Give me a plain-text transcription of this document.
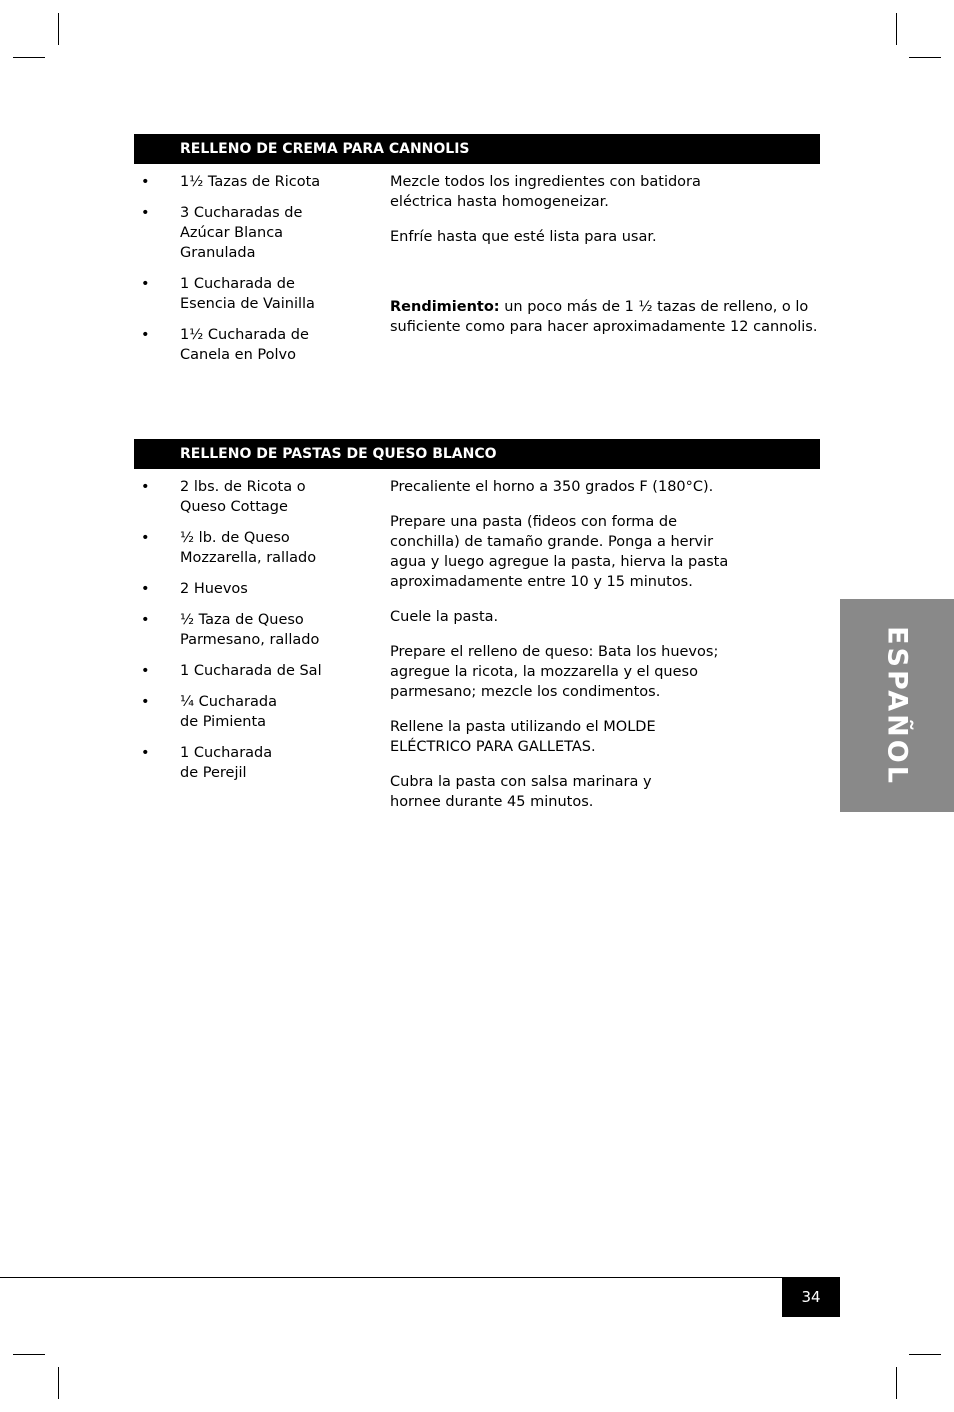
RELLENO DE CREMA PARA CANNOLIS
• 1½ Tazas de Ricota
• 3 Cucharadas de
Azúcar Blanca
Granulada
• 1 Cucharada de
Esencia de Vainilla
• 1½ Cucharada de
Canela en Polvo

Mezcle todos los ingredientes con batidora
eléctrica hasta homogeneizar.

Enfríe hasta que esté lista para usar.

Rendimiento: un poco más de 1 ½ tazas de relleno, o lo
suficiente como para hacer aproximadamente 12 cannolis.

RELLENO DE PASTAS DE QUESO BLANCO
• 2 lbs. de Ricota o
Queso Cottage
• ½ lb. de Queso
Mozzarella, rallado
• 2 Huevos
• ½ Taza de Queso
Parmesano, rallado
• 1 Cucharada de Sal
• ¼ Cucharada
de Pimienta
• 1 Cucharada
de Perejil

Precaliente el horno a 350 grados F (180°C).

Prepare una pasta (fideos con forma de
conchilla) de tamaño grande. Ponga a hervir
agua y luego agregue la pasta, hierva la pasta
aproximadamente entre 10 y 15 minutos.

Cuele la pasta.

Prepare el relleno de queso: Bata los huevos;
agregue la ricota, la mozzarella y el queso
parmesano; mezcle los condimentos.

Rellene la pasta utilizando el MOLDE
ELÉCTRICO PARA GALLETAS.

Cubra la pasta con salsa marinara y
hornee durante 45 minutos.

ESPAÑOL
34
